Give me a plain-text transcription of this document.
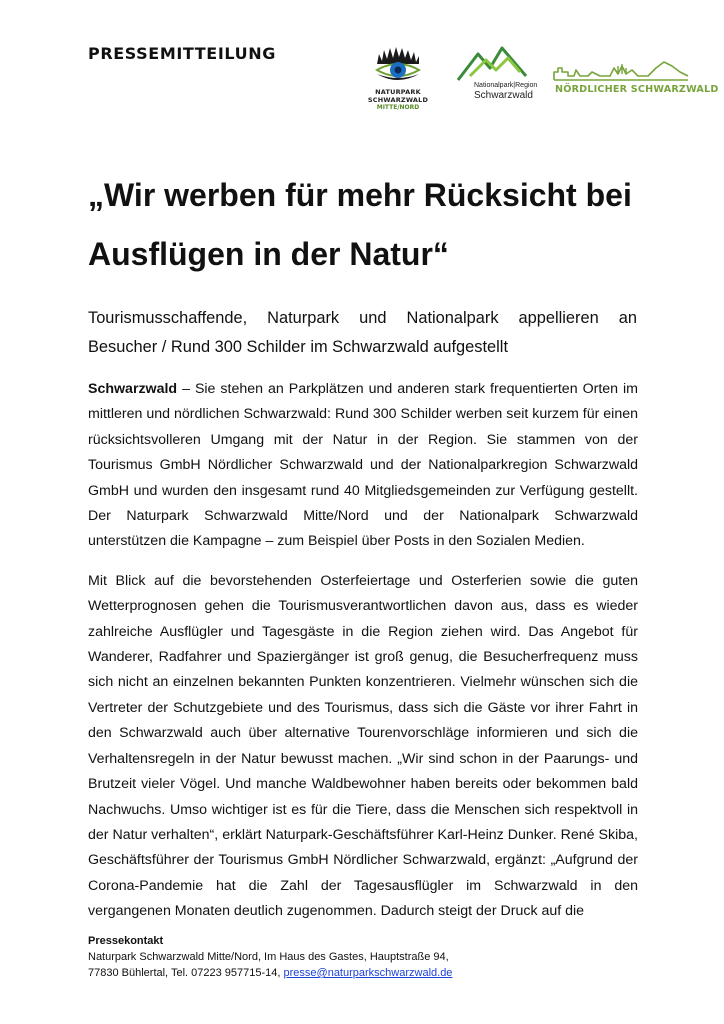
PRESSEMITTEILUNG
NATURPARK SCHWARZWALD
MITTE/NORD
Nationalpark|Region
Schwarzwald
NÖRDLICHER SCHWARZWALD
„Wir werben für mehr Rücksicht bei Ausflügen in der Natur“
Tourismusschaffende, Naturpark und Nationalpark appellieren an
Besucher / Rund 300 Schilder im Schwarzwald aufgestellt

Schwarzwald – Sie stehen an Parkplätzen und anderen stark frequentierten Orten im mittleren und nördlichen Schwarzwald: Rund 300 Schilder werben seit kurzem für einen rücksichtsvolleren Umgang mit der Natur in der Region. Sie stammen von der Tourismus GmbH Nördlicher Schwarzwald und der Nationalparkregion Schwarzwald GmbH und wurden den insgesamt rund 40 Mitgliedsgemeinden zur Verfügung gestellt. Der Naturpark Schwarzwald Mitte/Nord und der Nationalpark Schwarzwald unterstützen die Kampagne – zum Beispiel über Posts in den Sozialen Medien.

Mit Blick auf die bevorstehenden Osterfeiertage und Osterferien sowie die guten Wetterprognosen gehen die Tourismusverantwortlichen davon aus, dass es wieder zahlreiche Ausflügler und Tagesgäste in die Region ziehen wird. Das Angebot für Wanderer, Radfahrer und Spaziergänger ist groß genug, die Besucherfrequenz muss sich nicht an einzelnen bekannten Punkten konzentrieren. Vielmehr wünschen sich die Vertreter der Schutzgebiete und des Tourismus, dass sich die Gäste vor ihrer Fahrt in den Schwarzwald auch über alternative Tourenvorschläge informieren und sich die Verhaltensregeln in der Natur bewusst machen. „Wir sind schon in der Paarungs- und Brutzeit vieler Vögel. Und manche Waldbewohner haben bereits oder bekommen bald Nachwuchs. Umso wichtiger ist es für die Tiere, dass die Menschen sich respektvoll in der Natur verhalten“, erklärt Naturpark-Geschäftsführer Karl-Heinz Dunker. René Skiba, Geschäftsführer der Tourismus GmbH Nördlicher Schwarzwald, ergänzt: „Aufgrund der Corona-Pandemie hat die Zahl der Tagesausflügler im Schwarzwald in den vergangenen Monaten deutlich zugenommen. Dadurch steigt der Druck auf die

Pressekontakt
Naturpark Schwarzwald Mitte/Nord, Im Haus des Gastes, Hauptstraße 94,
77830 Bühlertal, Tel. 07223 957715-14, presse@naturparkschwarzwald.de
